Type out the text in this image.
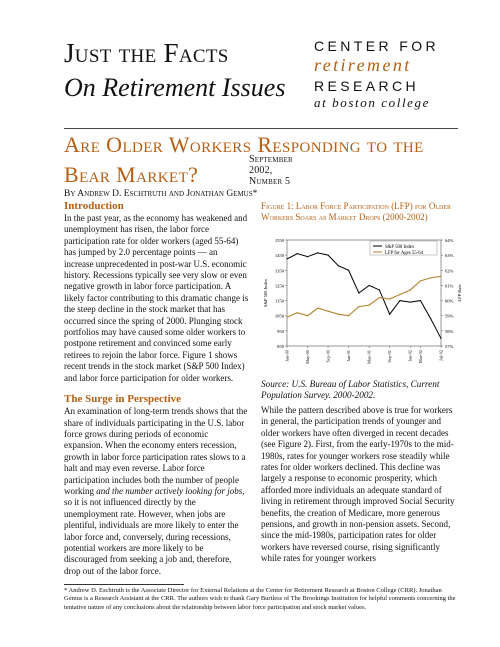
Just the Facts
On Retirement Issues
September 2002, Number 5
CENTER FOR
retirement
RESEARCH
at boston college
Are Older Workers Responding to the
Bear Market?
By Andrew D. Eschtruth and Jonathan Gemus*
Introduction

In the past year, as the economy has weakened and unemployment has risen, the labor force participation rate for older workers (aged 55-64) has jumped by 2.0 percentage points — an increase unprecedented in post-war U.S. economic history. Recessions typically see very slow or even negative growth in labor force participation. A likely factor contributing to this dramatic change is the steep decline in the stock market that has occurred since the spring of 2000. Plunging stock portfolios may have caused some older workers to postpone retirement and convinced some early retirees to rejoin the labor force. Figure 1 shows recent trends in the stock market (S&P 500 Index) and labor force participation for older workers.

The Surge in Perspective

An examination of long-term trends shows that the share of individuals participating in the U.S. labor force grows during periods of economic expansion. When the economy enters recession, growth in labor force participation rates slows to a halt and may even reverse. Labor force participation includes both the number of people working and the number actively looking for jobs, so it is not influenced directly by the unemployment rate. However, when jobs are plentiful, individuals are more likely to enter the labor force and, conversely, during recessions, potential workers are more likely to be discouraged from seeking a job and, therefore, drop out of the labor force.

Figure 1: Labor Force Participation (LFP) for Older Workers Soars as Market Drops (2000-2002)
850
950
1050
1150
1250
1350
1450
1550
57%
58%
59%
60%
61%
62%
63%
64%
Jan-00	May-00	Sep-00	Jan-01	May-01	Sep-01	Jan-02 Mar-02	Jul-02
S&P 500 Index	LFP Rate
S&P 500 Index
LFP for Ages 55-64
Source: U.S. Bureau of Labor Statistics, Current Population Survey. 2000-2002.

While the pattern described above is true for workers in general, the participation trends of younger and older workers have often diverged in recent decades (see Figure 2). First, from the early-1970s to the mid-1980s, rates for younger workers rose steadily while rates for older workers declined. This decline was largely a response to economic prosperity, which afforded more individuals an adequate standard of living in retirement through improved Social Security benefits, the creation of Medicare, more generous pensions, and growth in non-pension assets. Second, since the mid-1980s, participation rates for older workers have reversed course, rising significantly while rates for younger workers

* Andrew D. Eschtruth is the Associate Director for External Relations at the Center for Retirement Research at Boston College (CRR). Jonathan Gemus is a Research Assistant at the CRR. The authors wish to thank Gary Burtless of The Brookings Institution for helpful comments concerning the tentative nature of any conclusions about the relationship between labor force participation and stock market values.
